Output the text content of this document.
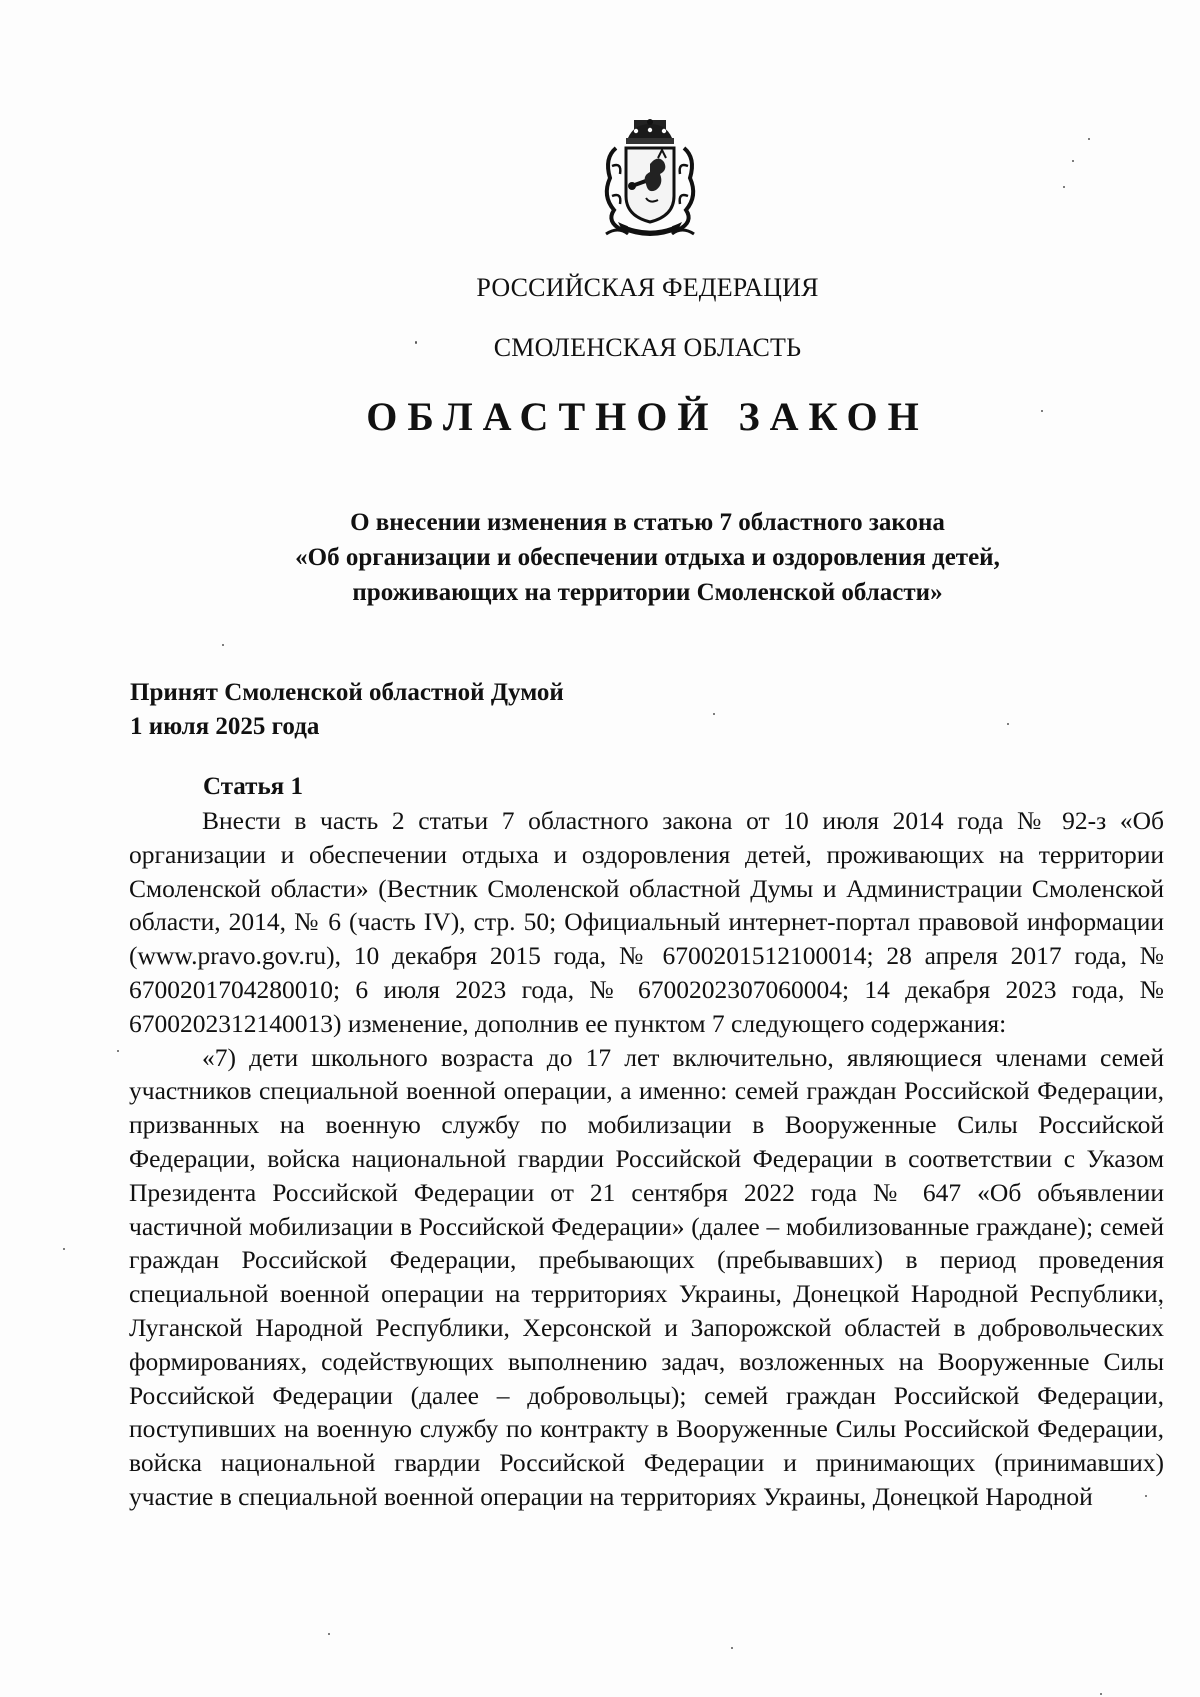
РОССИЙСКАЯ ФЕДЕРАЦИЯ
СМОЛЕНСКАЯ ОБЛАСТЬ
ОБЛАСТНОЙ ЗАКОН
О внесении изменения в статью 7 областного закона
«Об организации и обеспечении отдыха и оздоровления детей,
проживающих на территории Смоленской области»
Принят Смоленской областной Думой
1 июля 2025 года
Статья 1

Внести в часть 2 статьи 7 областного закона от 10 июля 2014 года № 92-з «Об организации и обеспечении отдыха и оздоровления детей, проживающих на территории Смоленской области» (Вестник Смоленской областной Думы и Администрации Смоленской области, 2014, № 6 (часть IV), стр. 50; Официальный интернет-портал правовой информации (www.pravo.gov.ru), 10 декабря 2015 года, № 6700201512100014; 28 апреля 2017 года, № 6700201704280010; 6 июля 2023 года, № 6700202307060004; 14 декабря 2023 года, № 6700202312140013) изменение, дополнив ее пунктом 7 следующего содержания:

«7) дети школьного возраста до 17 лет включительно, являющиеся членами семей участников специальной военной операции, а именно: семей граждан Российской Федерации, призванных на военную службу по мобилизации в Вооруженные Силы Российской Федерации, войска национальной гвардии Российской Федерации в соответствии с Указом Президента Российской Федерации от 21 сентября 2022 года № 647 «Об объявлении частичной мобилизации в Российской Федерации» (далее – мобилизованные граждане); семей граждан Российской Федерации, пребывающих (пребывавших) в период проведения специальной военной операции на территориях Украины, Донецкой Народной Республики, Луганской Народной Республики, Херсонской и Запорожской областей в добровольческих формированиях, содействующих выполнению задач, возложенных на Вооруженные Силы Российской Федерации (далее – добровольцы); семей граждан Российской Федерации, поступивших на военную службу по контракту в Вооруженные Силы Российской Федерации, войска национальной гвардии Российской Федерации и принимающих (принимавших) участие в специальной военной операции на территориях Украины, Донецкой Народной
